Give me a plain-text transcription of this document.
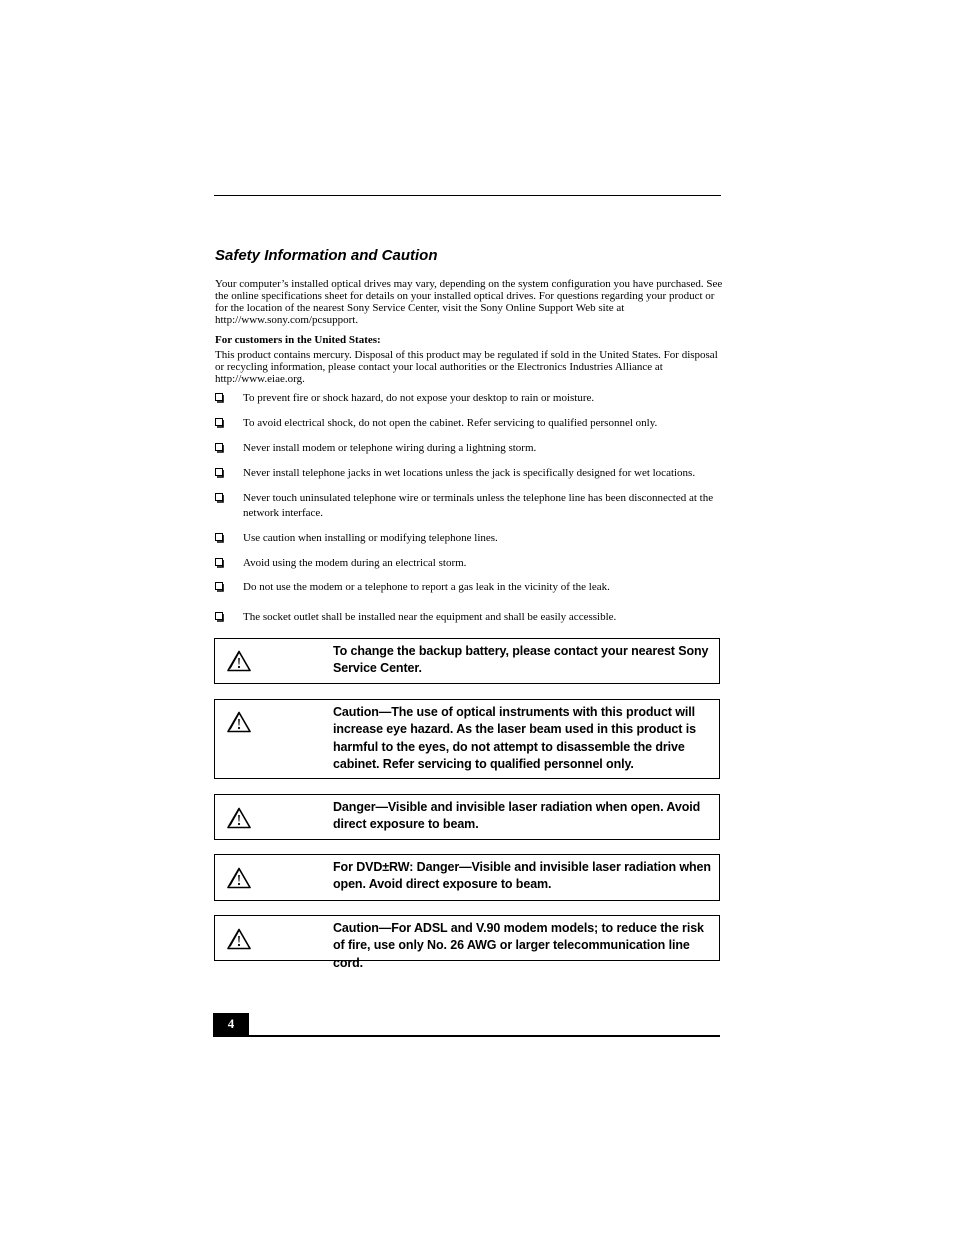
Safety Information and Caution

Your computer’s installed optical drives may vary, depending on the system configuration you have purchased. See the online specifications sheet for details on your installed optical drives. For questions regarding your product or for the location of the nearest Sony Service Center, visit the Sony Online Support Web site at http://www.sony.com/pcsupport.

For customers in the United States:

This product contains mercury. Disposal of this product may be regulated if sold in the United States. For disposal or recycling information, please contact your local authorities or the Electronics Industries Alliance at http://www.eiae.org.

To prevent fire or shock hazard, do not expose your desktop to rain or moisture.
To avoid electrical shock, do not open the cabinet. Refer servicing to qualified personnel only.
Never install modem or telephone wiring during a lightning storm.
Never install telephone jacks in wet locations unless the jack is specifically designed for wet locations.
Never touch uninsulated telephone wire or terminals unless the telephone line has been disconnected at the network interface.
Use caution when installing or modifying telephone lines.
Avoid using the modem during an electrical storm.
Do not use the modem or a telephone to report a gas leak in the vicinity of the leak.
The socket outlet shall be installed near the equipment and shall be easily accessible.

To change the backup battery, please contact your nearest Sony Service Center.

Caution—The use of optical instruments with this product will increase eye hazard. As the laser beam used in this product is harmful to the eyes, do not attempt to disassemble the drive cabinet. Refer servicing to qualified personnel only.

Danger—Visible and invisible laser radiation when open. Avoid direct exposure to beam.

For DVD±RW: Danger—Visible and invisible laser radiation when open. Avoid direct exposure to beam.

Caution—For ADSL and V.90 modem models; to reduce the risk of fire, use only No. 26 AWG or larger telecommunication line cord.

4
